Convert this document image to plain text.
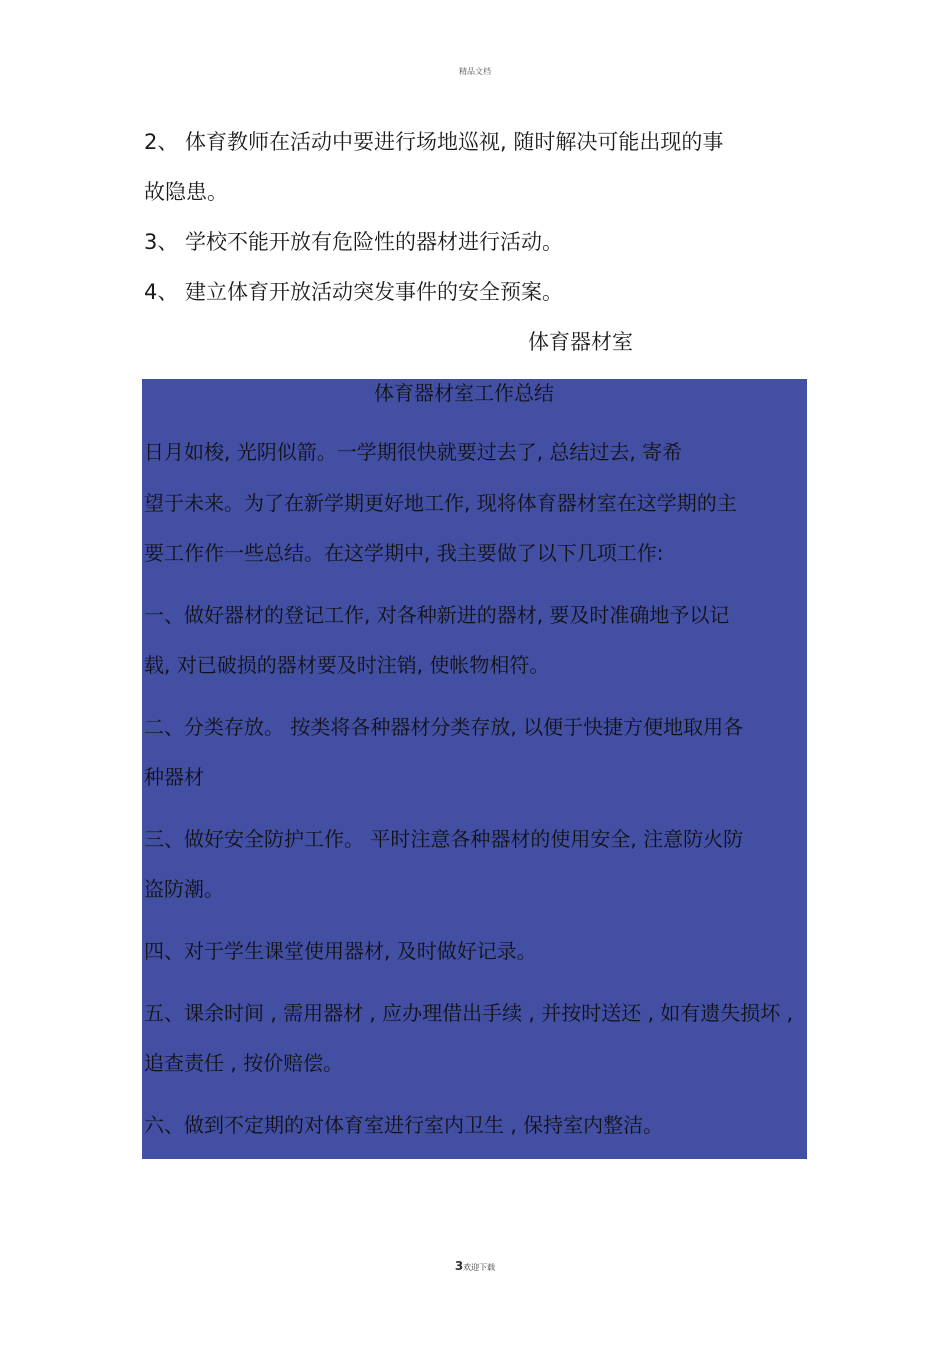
精品文档
2、 体育教师在活动中要进行场地巡视, 随时解决可能出现的事
故隐患。
3、 学校不能开放有危险性的器材进行活动。
4、 建立体育开放活动突发事件的安全预案。
体育器材室
体育器材室工作总结
日月如梭, 光阴似箭。一学期很快就要过去了, 总结过去, 寄希
望于未来。为了在新学期更好地工作, 现将体育器材室在这学期的主
要工作作一些总结。在这学期中, 我主要做了以下几项工作:
一、做好器材的登记工作, 对各种新进的器材, 要及时准确地予以记
载, 对已破损的器材要及时注销, 使帐物相符。
二、分类存放。 按类将各种器材分类存放, 以便于快捷方便地取用各
种器材
三、做好安全防护工作。 平时注意各种器材的使用安全, 注意防火防
盗防潮。
四、对于学生课堂使用器材, 及时做好记录。
五、课余时间 , 需用器材 , 应办理借出手续 , 并按时送还 , 如有遗失损坏 ,
追查责任 , 按价赔偿。
六、做到不定期的对体育室进行室内卫生 , 保持室内整洁。
3欢迎下载
